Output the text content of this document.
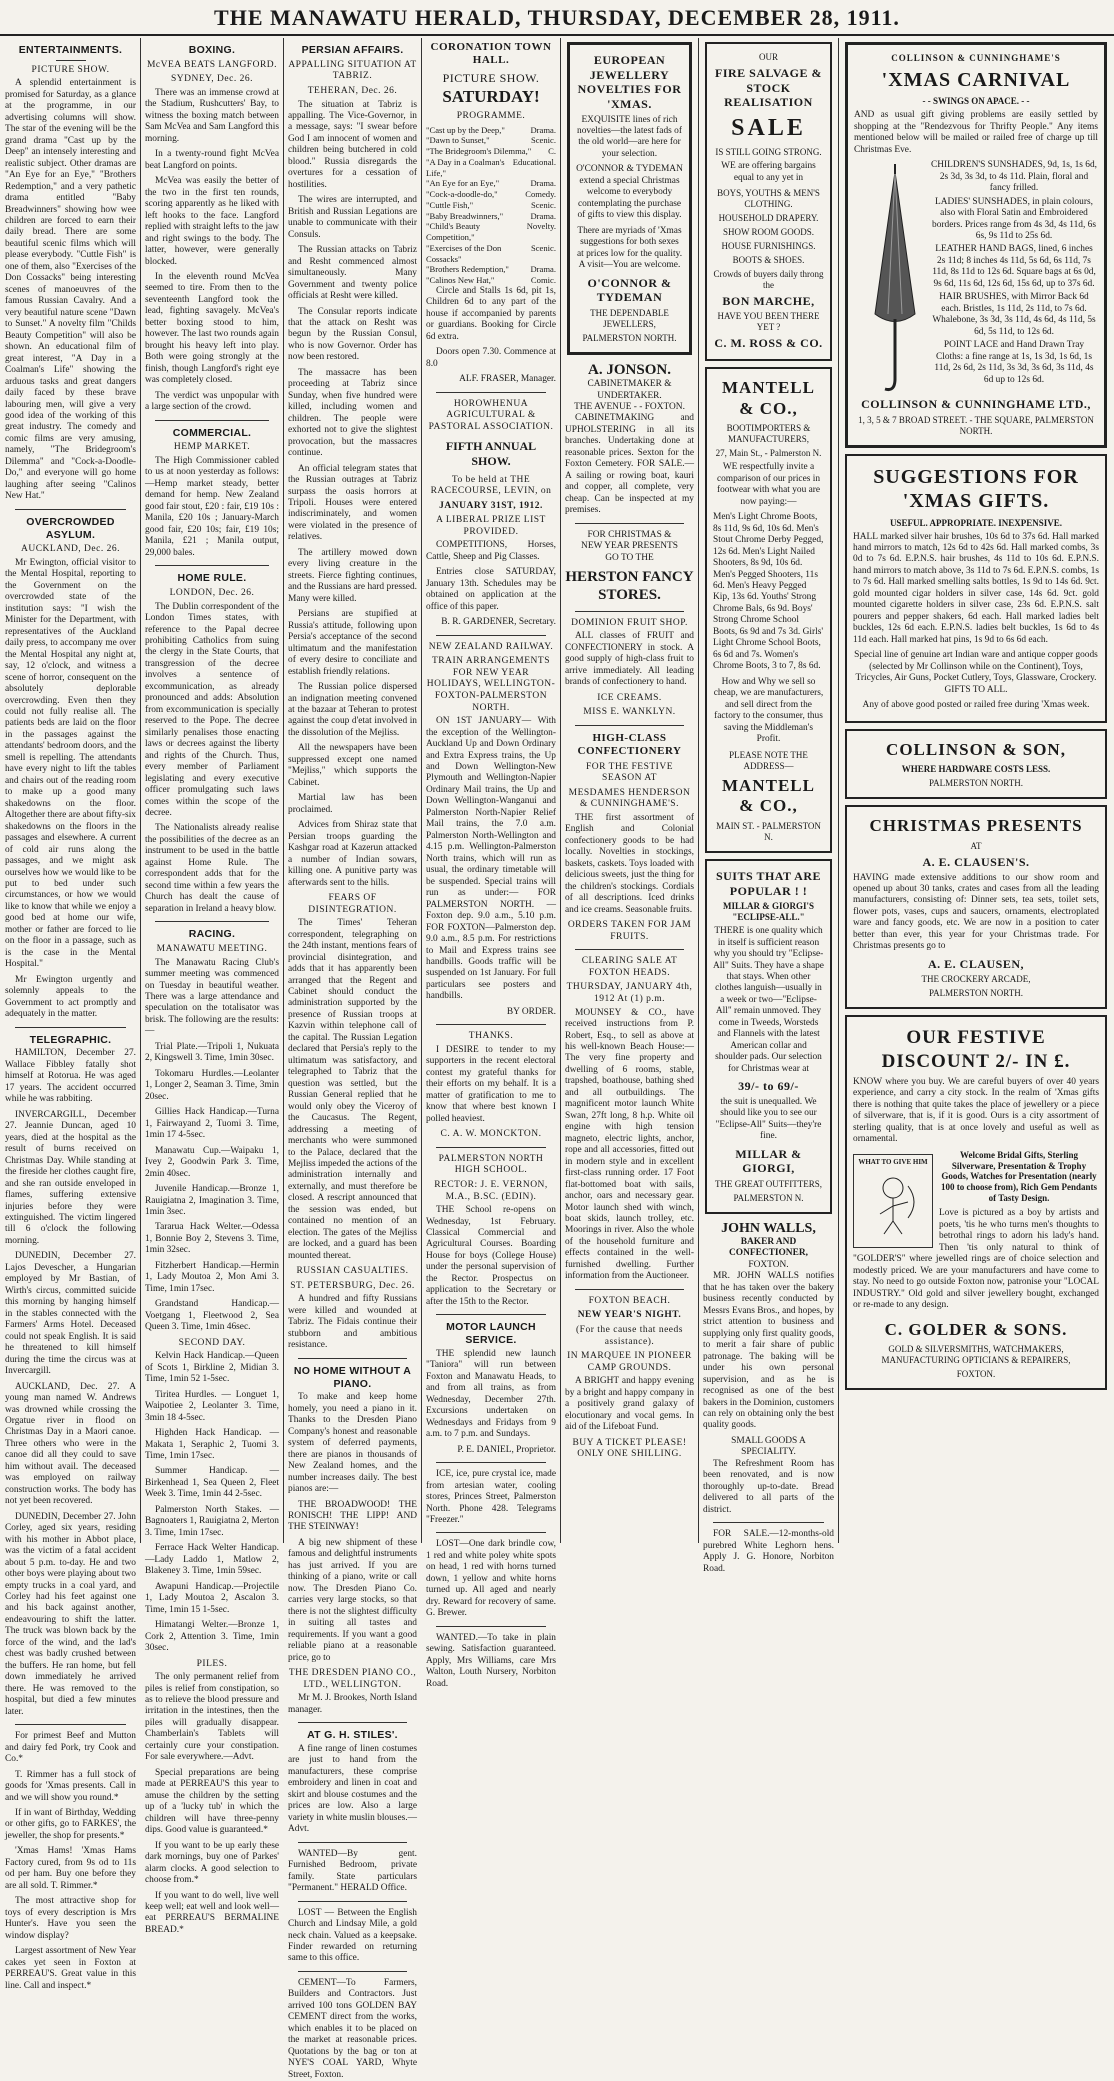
THE MANAWATU HERALD, THURSDAY, DECEMBER 28, 1911.
ENTERTAINMENTS.
PICTURE SHOW.

A splendid entertainment is promised for Saturday, as a glance at the programme, in our advertising columns will show. The star of the evening will be the grand drama "Cast up by the Deep" an intensely interesting and realistic subject. Other dramas are "An Eye for an Eye," "Brothers Redemption," and a very pathetic drama entitled "Baby Breadwinners" showing how wee children are forced to earn their daily bread. There are some beautiful scenic films which will please everybody. "Cuttle Fish" is one of them, also "Exercises of the Don Cossacks" being interesting scenes of manoeuvres of the famous Russian Cavalry. And a very beautiful nature scene "Dawn to Sunset." A novelty film "Childs Beauty Competition" will also be shown. An educational film of great interest, "A Day in a Coalman's Life" showing the arduous tasks and great dangers daily faced by these brave labouring men, will give a very good idea of the working of this great industry. The comedy and comic films are very amusing, namely, "The Bridegroom's Dilemma" and "Cock-a-Doodle-Do," and everyone will go home laughing after seeing "Calinos New Hat."

OVERCROWDED ASYLUM.
AUCKLAND, Dec. 26.

Mr Ewington, official visitor to the Mental Hospital, reporting to the Government on the overcrowded state of the institution says: "I wish the Minister for the Department, with representatives of the Auckland daily press, to accompany me over the Mental Hospital any night at, say, 12 o'clock, and witness a scene of horror, consequent on the absolutely deplorable overcrowding. Even then they could not fully realise all. The patients beds are laid on the floor in the passages against the attendants' bedroom doors, and the smell is repelling. The attendants have every night to lift the tables and chairs out of the reading room to make up a good many shakedowns on the floor. Altogether there are about fifty-six shakedowns on the floors in the passages and elsewhere. A current of cold air runs along the passages, and we might ask ourselves how we would like to be put to bed under such circumstances, or how we would like to know that while we enjoy a good bed at home our wife, mother or father are forced to lie on the floor in a passage, such as is the case in the Mental Hospital."

Mr Ewington urgently and solemnly appeals to the Government to act promptly and adequately in the matter.

TELEGRAPHIC.

HAMILTON, December 27. Wallace Fibbley fatally shot himself at Rotorua. He was aged 17 years. The accident occurred while he was rabbiting.

INVERCARGILL, December 27. Jeannie Duncan, aged 10 years, died at the hospital as the result of burns received on Christmas Day. While standing at the fireside her clothes caught fire, and she ran outside enveloped in flames, suffering extensive injuries before they were extinguished. The victim lingered till 6 o'clock the following morning.

DUNEDIN, December 27. Lajos Devescher, a Hungarian employed by Mr Bastian, of Wirth's circus, committed suicide this morning by hanging himself in the stables connected with the Farmers' Arms Hotel. Deceased could not speak English. It is said he threatened to kill himself during the time the circus was at Invercargill.

AUCKLAND, Dec. 27. A young man named W. Andrews was drowned while crossing the Orgatue river in flood on Christmas Day in a Maori canoe. Three others who were in the canoe did all they could to save him without avail. The deceased was employed on railway construction works. The body has not yet been recovered.

DUNEDIN, December 27. John Corley, aged six years, residing with his mother in Abbot place, was the victim of a fatal accident about 5 p.m. to-day. He and two other boys were playing about two empty trucks in a coal yard, and Corley had his feet against one and his back against another, endeavouring to shift the latter. The truck was blown back by the force of the wind, and the lad's chest was badly crushed between the buffers. He ran home, but fell down immediately he arrived there. He was removed to the hospital, but died a few minutes later.

For primest Beef and Mutton and dairy fed Pork, try Cook and Co.*

T. Rimmer has a full stock of goods for 'Xmas presents. Call in and we will show you round.*

If in want of Birthday, Wedding or other gifts, go to FARKES', the jeweller, the shop for presents.*

'Xmas Hams! 'Xmas Hams Factory cured, from 9s od to 11s od per ham. Buy one before they are all sold. T. Rimmer.*

The most attractive shop for toys of every description is Mrs Hunter's. Have you seen the window display?

Largest assortment of New Year cakes yet seen in Foxton at PERREAU'S. Great value in this line. Call and inspect.*

BOXING.
McVEA BEATS LANGFORD.
SYDNEY, Dec. 26.

There was an immense crowd at the Stadium, Rushcutters' Bay, to witness the boxing match between Sam McVea and Sam Langford this morning.

In a twenty-round fight McVea beat Langford on points.

McVea was easily the better of the two in the first ten rounds, scoring apparently as he liked with left hooks to the face. Langford replied with straight lefts to the jaw and right swings to the body. The latter, however, were generally blocked.

In the eleventh round McVea seemed to tire. From then to the seventeenth Langford took the lead, fighting savagely. McVea's better boxing stood to him, however. The last two rounds again brought his heavy left into play. Both were going strongly at the finish, though Langford's right eye was completely closed.

The verdict was unpopular with a large section of the crowd.

COMMERCIAL.
HEMP MARKET.

The High Commissioner cabled to us at noon yesterday as follows:—Hemp market steady, better demand for hemp. New Zealand good fair stout, £20 : fair, £19 10s : Manila, £20 10s ; January-March good fair, £20 10s; fair, £19 10s; Manila, £21 ; Manila output, 29,000 bales.

HOME RULE.
LONDON, Dec. 26.

The Dublin correspondent of the London Times states, with reference to the Papal decree prohibiting Catholics from suing the clergy in the State Courts, that transgression of the decree involves a sentence of excommunication, as already pronounced and adds: Absolution from excommunication is specially reserved to the Pope. The decree similarly penalises those enacting laws or decrees against the liberty and rights of the Church. Thus, every member of Parliament legislating and every executive officer promulgating such laws comes within the scope of the decree.

The Nationalists already realise the possibilities of the decree as an instrument to be used in the battle against Home Rule. The correspondent adds that for the second time within a few years the Church has dealt the cause of separation in Ireland a heavy blow.

RACING.
MANAWATU MEETING.

The Manawatu Racing Club's summer meeting was commenced on Tuesday in beautiful weather. There was a large attendance and speculation on the totalisator was brisk. The following are the results:—

Trial Plate.—Tripoli 1, Nukuata 2, Kingswell 3. Time, 1min 30sec.

Tokomaru Hurdles.—Leolanter 1, Longer 2, Seaman 3. Time, 3min 20sec.

Gillies Hack Handicap.—Turna 1, Fairwayand 2, Tuomi 3. Time, 1min 17 4-5sec.

Manawatu Cup.—Waipaku 1, Ivey 2, Goodwin Park 3. Time, 2min 40sec.

Juvenile Handicap.—Bronze 1, Rauigiatna 2, Imagination 3. Time, 1min 3sec.

Tararua Hack Welter.—Odessa 1, Bonnie Boy 2, Stevens 3. Time, 1min 32sec.

Fitzherbert Handicap.—Hermin 1, Lady Moutoa 2, Mon Ami 3. Time, 1min 17sec.

Grandstand Handicap.—Voetgang 1, Fleetwood 2, Sea Queen 3. Time, 1min 46sec.

SECOND DAY.

Kelvin Hack Handicap.—Queen of Scots 1, Birkline 2, Midian 3. Time, 1min 52 1-5sec.

Tiritea Hurdles. — Longuet 1, Waipotiee 2, Leolanter 3. Time, 3min 18 4-5sec.

Highden Hack Handicap. — Makata 1, Seraphic 2, Tuomi 3. Time, 1min 17sec.

Summer Handicap. — Birkenhead 1, Sea Queen 2, Fleet Week 3. Time, 1min 44 2-5sec.

Palmerston North Stakes. — Bagnoaters 1, Rauigiatna 2, Merton 3. Time, 1min 17sec.

Ferrace Hack Welter Handicap.—Lady Laddo 1, Matlow 2, Blakeney 3. Time, 1min 59sec.

Awapuni Handicap.—Projectile 1, Lady Moutoa 2, Ascalon 3. Time, 1min 15 1-5sec.

Himatangi Welter.—Bronze 1, Cork 2, Attention 3. Time, 1min 30sec.

PILES.

The only permanent relief from piles is relief from constipation, so as to relieve the blood pressure and irritation in the intestines, then the piles will gradually disappear. Chamberlain's Tablets will certainly cure your constipation. For sale everywhere.—Advt.

Special preparations are being made at PERREAU'S this year to amuse the children by the setting up of a 'lucky tub' in which the children will have three-penny dips. Good value is guaranteed.*

If you want to be up early these dark mornings, buy one of Parkes' alarm clocks. A good selection to choose from.*

If you want to do well, live well keep well; eat well and look well—eat PERREAU'S BERMALINE BREAD.*

PERSIAN AFFAIRS.
APPALLING SITUATION AT TABRIZ.
TEHERAN, Dec. 26.

The situation at Tabriz is appalling. The Vice-Governor, in a message, says: "I swear before God I am innocent of women and children being butchered in cold blood." Russia disregards the overtures for a cessation of hostilities.

The wires are interrupted, and British and Russian Legations are unable to communicate with their Consuls.

The Russian attacks on Tabriz and Resht commenced almost simultaneously. Many Government and twenty police officials at Resht were killed.

The Consular reports indicate that the attack on Resht was begun by the Russian Consul, who is now Governor. Order has now been restored.

The massacre has been proceeding at Tabriz since Sunday, when five hundred were killed, including women and children. The people were exhorted not to give the slightest provocation, but the massacres continue.

An official telegram states that the Russian outrages at Tabriz surpass the oasis horrors at Tripoli. Houses were entered indiscriminately, and women were violated in the presence of relatives.

The artillery mowed down every living creature in the streets. Fierce fighting continues, and the Russians are hard pressed. Many were killed.

Persians are stupified at Russia's attitude, following upon Persia's acceptance of the second ultimatum and the manifestation of every desire to conciliate and establish friendly relations.

The Russian police dispersed an indignation meeting convened at the bazaar at Teheran to protest against the coup d'etat involved in the dissolution of the Mejliss.

All the newspapers have been suppressed except one named "Mejliss," which supports the Cabinet.

Martial law has been proclaimed.

Advices from Shiraz state that Persian troops guarding the Kashgar road at Kazerun attacked a number of Indian sowars, killing one. A punitive party was afterwards sent to the hills.

FEARS OF DISINTEGRATION.

The Times' Teheran correspondent, telegraphing on the 24th instant, mentions fears of provincial disintegration, and adds that it has apparently been arranged that the Regent and Cabinet should conduct the administration supported by the presence of Russian troops at Kazvin within telephone call of the capital. The Russian Legation declared that Persia's reply to the ultimatum was satisfactory, and telegraphed to Tabriz that the question was settled, but the Russian General replied that he would only obey the Viceroy of the Caucasus. The Regent, addressing a meeting of merchants who were summoned to the Palace, declared that the Mejliss impeded the actions of the administration internally and externally, and must therefore be closed. A rescript announced that the session was ended, but contained no mention of an election. The gates of the Mejliss are locked, and a guard has been mounted thereat.

RUSSIAN CASUALTIES.
ST. PETERSBURG, Dec. 26.

A hundred and fifty Russians were killed and wounded at Tabriz. The Fidais continue their stubborn and ambitious resistance.

NO HOME WITHOUT A PIANO.

To make and keep home homely, you need a piano in it. Thanks to the Dresden Piano Company's honest and reasonable system of deferred payments, there are pianos in thousands of New Zealand homes, and the number increases daily. The best pianos are:—

THE BROADWOOD! THE RONISCH! THE LIPP! AND THE STEINWAY!

A big new shipment of these famous and delightful instruments has just arrived. If you are thinking of a piano, write or call now. The Dresden Piano Co. carries very large stocks, so that there is not the slightest difficulty in suiting all tastes and requirements. If you want a good reliable piano at a reasonable price, go to

THE DRESDEN PIANO CO., LTD., WELLINGTON.

Mr M. J. Brookes, North Island manager.

AT G. H. STILES'.

A fine range of linen costumes are just to hand from the manufacturers, these comprise embroidery and linen in coat and skirt and blouse costumes and the prices are low. Also a large variety in white muslin blouses.—Advt.

WANTED—By gent. Furnished Bedroom, private family. State particulars "Permanent." HERALD Office.

LOST — Between the English Church and Lindsay Mile, a gold neck chain. Valued as a keepsake. Finder rewarded on returning same to this office.

CEMENT—To Farmers, Builders and Contractors. Just arrived 100 tons GOLDEN BAY CEMENT direct from the works, which enables it to be placed on the market at reasonable prices. Quotations by the bag or ton at NYE'S COAL YARD, Whyte Street, Foxton.

CORONATION TOWN HALL.
PICTURE SHOW.
SATURDAY!
PROGRAMME.
"Cast up by the Deep,"	Drama.
"Dawn to Sunset,"	Scenic.
"The Bridegroom's Dilemma," C.
"A Day in a Coalman's Life,"
Educational.
"An Eye for an Eye,"	Drama.
"Cock-a-doodle-do,"	Comedy.
"Cuttle Fish,"	Scenic.
"Baby Breadwinners,"	Drama.
"Child's Beauty Competition,"
Novelty.
"Exercises of the Don Cossacks"
Scenic.
"Brothers Redemption,"	Drama.
"Calinos New Hat,"	Comic.

Circle and Stalls 1s 6d, pit 1s, Children 6d to any part of the house if accompanied by parents or guardians. Booking for Circle 6d extra.

Doors open 7.30. Commence at 8.0

ALF. FRASER, Manager.

HOROWHENUA AGRICULTURAL & PASTORAL ASSOCIATION.
FIFTH ANNUAL SHOW.
To be held at THE RACECOURSE, LEVIN, on
JANUARY 31ST, 1912.
A LIBERAL PRIZE LIST PROVIDED.

COMPETITIONS, Horses, Cattle, Sheep and Pig Classes.

Entries close SATURDAY, January 13th. Schedules may be obtained on application at the office of this paper.

B. R. GARDENER, Secretary.

NEW ZEALAND RAILWAY.
TRAIN ARRANGEMENTS FOR NEW YEAR HOLIDAYS, WELLINGTON-FOXTON-PALMERSTON NORTH.

ON 1ST JANUARY— With the exception of the Wellington-Auckland Up and Down Ordinary and Extra Express trains, the Up and Down Wellington-New Plymouth and Wellington-Napier Ordinary Mail trains, the Up and Down Wellington-Wanganui and Palmerston North-Napier Relief Mail trains, the 7.0 a.m. Palmerston North-Wellington and 4.15 p.m. Wellington-Palmerston North trains, which will run as usual, the ordinary timetable will be suspended. Special trains will run as under:— FOR PALMERSTON NORTH. —Foxton dep. 9.0 a.m., 5.10 p.m. FOR FOXTON—Palmerston dep. 9.0 a.m., 8.5 p.m. For restrictions to Mail and Express trains see handbills. Goods traffic will be suspended on 1st January. For full particulars see posters and handbills.

BY ORDER.

THANKS.

I DESIRE to tender to my supporters in the recent electoral contest my grateful thanks for their efforts on my behalf. It is a matter of gratification to me to know that where best known I polled heaviest.

C. A. W. MONCKTON.
PALMERSTON NORTH HIGH SCHOOL.
RECTOR: J. E. VERNON, M.A., B.SC. (EDIN).

THE School re-opens on Wednesday, 1st February. Classical Commercial and Agricultural Courses. Boarding House for boys (College House) under the personal supervision of the Rector. Prospectus on application to the Secretary or after the 15th to the Rector.

MOTOR LAUNCH SERVICE.

THE splendid new launch "Taniora" will run between Foxton and Manawatu Heads, to and from all trains, as from Wednesday, December 27th. Excursions undertaken on Wednesdays and Fridays from 9 a.m. to 7 p.m. and Sundays.

P. E. DANIEL, Proprietor.

ICE, ice, pure crystal ice, made from artesian water, cooling stores, Princes Street, Palmerston North. Phone 428. Telegrams "Freezer."

LOST—One dark brindle cow, 1 red and white poley white spots on head, 1 red with horns turned down, 1 yellow and white horns turned up. All aged and nearly dry. Reward for recovery of same. G. Brewer.

WANTED.—To take in plain sewing. Satisfaction guaranteed. Apply, Mrs Williams, care Mrs Walton, Louth Nursery, Norbiton Road.

EUROPEAN JEWELLERY NOVELTIES FOR 'XMAS.

EXQUISITE lines of rich novelties—the latest fads of the old world—are here for your selection.

O'CONNOR & TYDEMAN extend a special Christmas welcome to everybody contemplating the purchase of gifts to view this display.

There are myriads of 'Xmas suggestions for both sexes at prices low for the quality. A visit—You are welcome.

O'CONNOR & TYDEMAN
THE DEPENDABLE JEWELLERS,
PALMERSTON NORTH.
A. JONSON.
CABINETMAKER & UNDERTAKER.
THE AVENUE - - FOXTON.

CABINETMAKING and UPHOLSTERING in all its branches. Undertaking done at reasonable prices. Sexton for the Foxton Cemetery. FOR SALE.—A sailing or rowing boat, kauri and copper, all complete, very cheap. Can be inspected at my premises.

FOR CHRISTMAS &
NEW YEAR PRESENTS
GO TO THE
HERSTON FANCY STORES.
DOMINION FRUIT SHOP.

ALL classes of FRUIT and CONFECTIONERY in stock. A good supply of high-class fruit to arrive immediately. All leading brands of confectionery to hand.

ICE CREAMS.
MISS E. WANKLYN.
HIGH-CLASS CONFECTIONERY
FOR THE FESTIVE SEASON AT
MESDAMES HENDERSON & CUNNINGHAME'S.

THE first assortment of English and Colonial confectionery goods to be had locally. Novelties in stockings, baskets, caskets. Toys loaded with delicious sweets, just the thing for the children's stockings. Cordials of all descriptions. Iced drinks and ice creams. Seasonable fruits.

ORDERS TAKEN FOR JAM FRUITS.
CLEARING SALE AT FOXTON HEADS.
THURSDAY, JANUARY 4th, 1912 At (1) p.m.

MOUNSEY & CO., have received instructions from P. Robert, Esq., to sell as above at his well-known Beach House:— The very fine property and dwelling of 6 rooms, stable, trapshed, boathouse, bathing shed and all outbuildings. The magnificent motor launch White Swan, 27ft long, 8 h.p. White oil engine with high tension magneto, electric lights, anchor, rope and all accessories, fitted out in modern style and in excellent first-class running order. 17 Foot flat-bottomed boat with sails, anchor, oars and necessary gear. Motor launch shed with winch, boat skids, launch trolley, etc. Moorings in river. Also the whole of the household furniture and effects contained in the well-furnished dwelling. Further information from the Auctioneer.

FOXTON BEACH.
NEW YEAR'S NIGHT.
(For the cause that needs assistance).
IN MARQUEE IN PIONEER CAMP GROUNDS.

A BRIGHT and happy evening by a bright and happy company in a positively grand galaxy of elocutionary and vocal gems. In aid of the Lifeboat Fund.

BUY A TICKET PLEASE! ONLY ONE SHILLING.
OUR
FIRE SALVAGE & STOCK REALISATION
SALE
IS STILL GOING STRONG.

WE are offering bargains equal to any yet in

BOYS, YOUTHS & MEN'S CLOTHING.
HOUSEHOLD DRAPERY.
SHOW ROOM GOODS.
HOUSE FURNISHINGS.
BOOTS & SHOES.
Crowds of buyers daily throng the
BON MARCHE,
HAVE YOU BEEN THERE YET ?
C. M. ROSS & CO.
MANTELL & CO.,
BOOTIMPORTERS & MANUFACTURERS,
27, Main St., - Palmerston N.

WE respectfully invite a comparison of our prices in footwear with what you are now paying:—

Men's Light Chrome Boots, 8s 11d, 9s 6d, 10s 6d. Men's Stout Chrome Derby Pegged, 12s 6d. Men's Light Nailed Shooters, 8s 9d, 10s 6d. Men's Pegged Shooters, 11s 6d. Men's Heavy Pegged Kip, 13s 6d. Youths' Strong Chrome Bals, 6s 9d. Boys' Strong Chrome School Boots, 6s 9d and 7s 3d. Girls' Light Chrome School Boots, 6s 6d and 7s. Women's Chrome Boots, 3 to 7, 8s 6d.

How and Why we sell so cheap, we are manufacturers, and sell direct from the factory to the consumer, thus saving the Middleman's Profit.

PLEASE NOTE THE ADDRESS—
MANTELL & CO.,
MAIN ST. - PALMERSTON N.
SUITS THAT ARE POPULAR ! !
MILLAR & GIORGI'S "ECLIPSE-ALL."

THERE is one quality which in itself is sufficient reason why you should try "Eclipse-All" Suits. They have a shape that stays. When other clothes languish—usually in a week or two—"Eclipse-All" remain unmoved. They come in Tweeds, Worsteds and Flannels with the latest American collar and shoulder pads. Our selection for Christmas wear at

39/- to 69/-

the suit is unequalled. We should like you to see our "Eclipse-All" Suits—they're fine.

MILLAR & GIORGI,
THE GREAT OUTFITTERS,
PALMERSTON N.
JOHN WALLS,
BAKER AND CONFECTIONER,
FOXTON.

MR. JOHN WALLS notifies that he has taken over the bakery business recently conducted by Messrs Evans Bros., and hopes, by strict attention to business and supplying only first quality goods, to merit a fair share of public patronage. The baking will be under his own personal supervision, and as he is recognised as one of the best bakers in the Dominion, customers can rely on obtaining only the best quality goods.

SMALL GOODS A SPECIALITY.

The Refreshment Room has been renovated, and is now thoroughly up-to-date. Bread delivered to all parts of the district.

FOR SALE.—12-months-old purebred White Leghorn hens. Apply J. G. Honore, Norbiton Road.

COLLINSON & CUNNINGHAME'S
'XMAS CARNIVAL
- - SWINGS ON APACE. - -

AND as usual gift giving problems are easily settled by shopping at the "Rendezvous for Thrifty People." Any items mentioned below will be mailed or railed free of charge up till Christmas Eve.

CHILDREN'S SUNSHADES, 9d, 1s, 1s 6d, 2s 3d, 3s 3d, to 4s 11d. Plain, floral and fancy frilled.

LADIES' SUNSHADES, in plain colours, also with Floral Satin and Embroidered borders. Prices range from 4s 3d, 4s 11d, 6s 6s, 9s 11d to 25s 6d.

LEATHER HAND BAGS, lined, 6 inches 2s 11d; 8 inches 4s 11d, 5s 6d, 6s 11d, 7s 11d, 8s 11d to 12s 6d. Square bags at 6s 0d, 9s 6d, 11s 6d, 12s 6d, 15s 6d, up to 37s 6d.

HAIR BRUSHES, with Mirror Back 6d each. Bristles, 1s 11d, 2s 11d, to 7s 6d. Whalebone, 3s 3d, 3s 11d, 4s 6d, 4s 11d, 5s 6d, 5s 11d, to 12s 6d.

POINT LACE and Hand Drawn Tray Cloths: a fine range at 1s, 1s 3d, 1s 6d, 1s 11d, 2s 6d, 2s 11d, 3s 3d, 3s 6d, 3s 11d, 4s 6d up to 12s 6d.

COLLINSON & CUNNINGHAME LTD.,
1, 3, 5 & 7 BROAD STREET. - THE SQUARE, PALMERSTON NORTH.
SUGGESTIONS FOR 'XMAS GIFTS.
USEFUL. APPROPRIATE. INEXPENSIVE.

HALL marked silver hair brushes, 10s 6d to 37s 6d. Hall marked hand mirrors to match, 12s 6d to 42s 6d. Hall marked combs, 3s 0d to 7s 6d. E.P.N.S. hair brushes, 4s 11d to 10s 6d. E.P.N.S. hand mirrors to match above, 3s 11d to 7s 6d. E.P.N.S. combs, 1s to 7s 6d. Hall marked smelling salts bottles, 1s 9d to 14s 6d. 9ct. gold mounted cigar holders in silver case, 14s 6d. 9ct. gold mounted cigarette holders in silver case, 23s 6d. E.P.N.S. salt pourers and pepper shakers, 6d each. Hall marked ladies belt buckles, 12s 6d each. E.P.N.S. ladies belt buckles, 1s 6d to 4s 11d each. Hall marked hat pins, 1s 9d to 6s 6d each.

Special line of genuine art Indian ware and antique copper goods (selected by Mr Collinson while on the Continent), Toys, Tricycles, Air Guns, Pocket Cutlery, Toys, Glassware, Crockery. GIFTS TO ALL.

Any of above good posted or railed free during 'Xmas week.

COLLINSON & SON,
WHERE HARDWARE COSTS LESS.
PALMERSTON NORTH.
CHRISTMAS PRESENTS
AT
A. E. CLAUSEN'S.

HAVING made extensive additions to our show room and opened up about 30 tanks, crates and cases from all the leading manufacturers, consisting of: Dinner sets, tea sets, toilet sets, flower pots, vases, cups and saucers, ornaments, electroplated ware and fancy goods, etc. We are now in a position to cater better than ever, this year for your Christmas trade. For Christmas presents go to

A. E. CLAUSEN,
THE CROCKERY ARCADE,
PALMERSTON NORTH.
OUR FESTIVE DISCOUNT 2/- IN £.

KNOW where you buy. We are careful buyers of over 40 years experience, and carry a city stock. In the realm of 'Xmas gifts there is nothing that quite takes the place of jewellery or a piece of silverware, that is, if it is good. Ours is a city assortment of sterling quality, that is at once lovely and useful as well as ornamental.

WHAT TO GIVE HIM

Welcome Bridal Gifts, Sterling Silverware, Presentation & Trophy Goods, Watches for Presentation (nearly 100 to choose from), Rich Gem Pendants of Tasty Design.

Love is pictured as a boy by artists and poets, 'tis he who turns men's thoughts to betrothal rings to adorn his lady's hand. Then 'tis only natural to think of "GOLDER'S" where jewelled rings are of choice selection and modestly priced. We are your manufacturers and have come to stay. No need to go outside Foxton now, patronise your "LOCAL INDUSTRY." Old gold and silver jewellery bought, exchanged or re-made to any design.

C. GOLDER & SONS.
GOLD & SILVERSMITHS, WATCHMAKERS, MANUFACTURING OPTICIANS & REPAIRERS,
FOXTON.
